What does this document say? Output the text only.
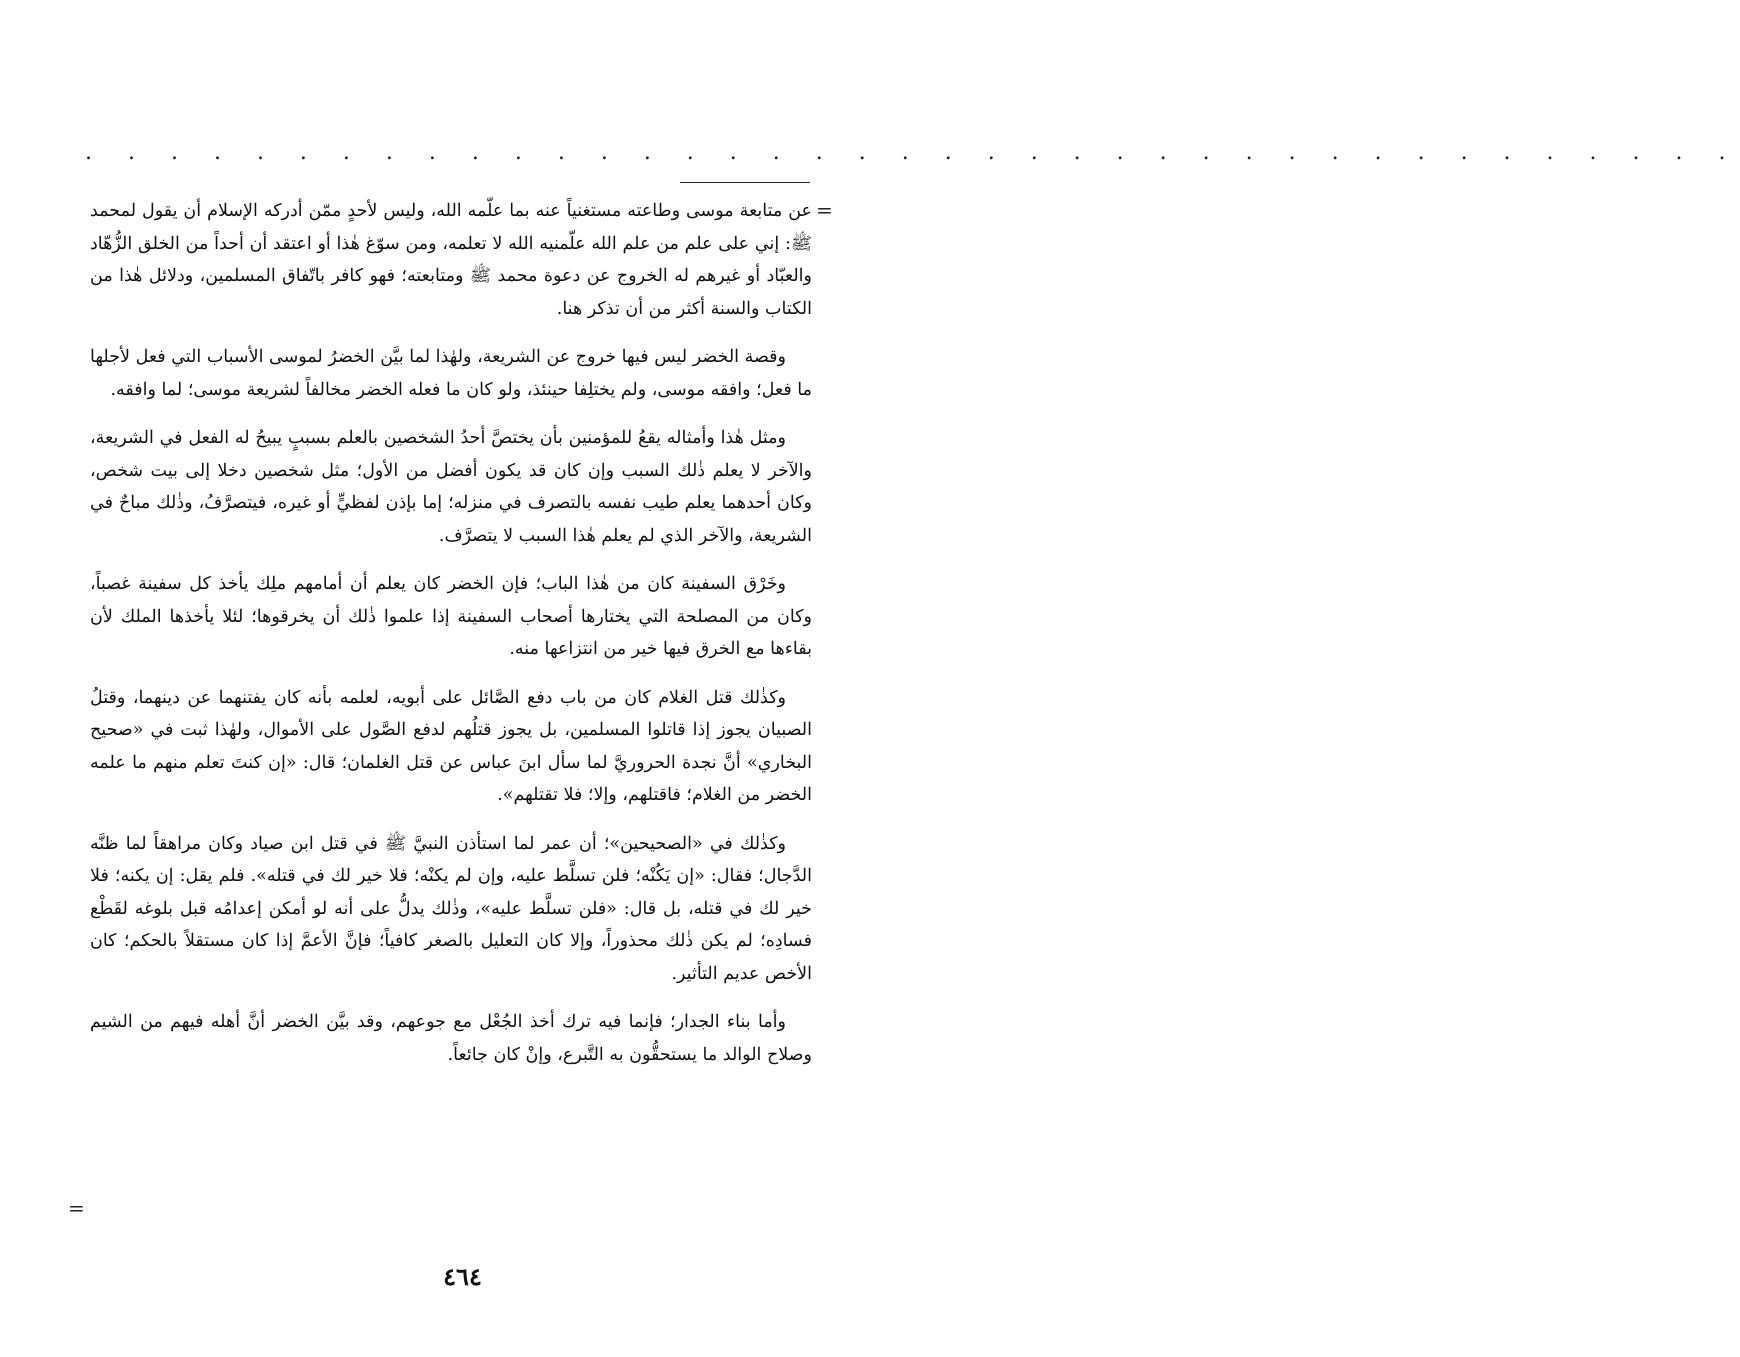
. . . . . . . . . . . . . . . . . . . . . . . . . . . . . . . . . . . . . . .
=

عن متابعة موسى وطاعته مستغنياً عنه بما علّمه الله، وليس لأحدٍ ممّن أدركه الإسلام أن يقول لمحمد ﷺ: إني على علم من علم الله علّمنيه الله لا تعلمه، ومن سوّغ هٰذا أو اعتقد أن أحداً من الخلق الزُّهّاد والعبّاد أو غيرهم له الخروج عن دعوة محمد ﷺ ومتابعته؛ فهو كافر باتّفاق المسلمين، ودلائل هٰذا من الكتاب والسنة أكثر من أن تذكر هنا.

وقصة الخضر ليس فيها خروج عن الشريعة، ولهٰذا لما بيَّن الخضرُ لموسى الأسباب التي فعل لأجلها ما فعل؛ وافقه موسى، ولم يختلِفا حينئذ، ولو كان ما فعله الخضر مخالفاً لشريعة موسى؛ لما وافقه.

ومثل هٰذا وأمثاله يقعُ للمؤمنين بأن يختصَّ أحدُ الشخصين بالعلم بسببٍ يبيحُ له الفعل في الشريعة، والآخر لا يعلم ذٰلك السبب وإن كان قد يكون أفضل من الأول؛ مثل شخصين دخلا إلى بيت شخص، وكان أحدهما يعلم طيب نفسه بالتصرف في منزله؛ إما بإذن لفظيٍّ أو غيره، فيتصرَّفُ، وذٰلك مباحٌ في الشريعة، والآخر الذي لم يعلم هٰذا السبب لا يتصرَّف.

وخَرْق السفينة كان من هٰذا الباب؛ فإن الخضر كان يعلم أن أمامهم ملِك يأخذ كل سفينة غصباً، وكان من المصلحة التي يختارها أصحاب السفينة إذا علموا ذٰلك أن يخرقوها؛ لئلا يأخذها الملك لأن بقاءها مع الخرق فيها خير من انتزاعها منه.

وكذٰلك قتل الغلام كان من باب دفع الصَّائل على أبويه، لعلمه بأنه كان يفتنهما عن دينهما، وقتلُ الصبيان يجوز إذا قاتلوا المسلمين، بل يجوز قتلُهم لدفع الصَّول على الأموال، ولهٰذا ثبت في «صحيح البخاري» أنَّ نجدة الحروريَّ لما سأل ابنَ عباس عن قتل الغلمان؛ قال: «إن كنتَ تعلم منهم ما علمه الخضر من الغلام؛ فاقتلهم، وإلا؛ فلا تقتلهم».

وكذٰلك في «الصحيحين»؛ أن عمر لما استأذن النبيَّ ﷺ في قتل ابن صياد وكان مراهقاً لما ظنَّه الدَّجال؛ فقال: «إن يَكُنْه؛ فلن تسلَّط عليه، وإن لم يكنْه؛ فلا خير لك في قتله». فلم يقل: إن يكنه؛ فلا خير لك في قتله، بل قال: «فلن تسلَّط عليه»، وذٰلك يدلُّ على أنه لو أمكن إعدامُه قبل بلوغه لقَطْع فسادِه؛ لم يكن ذٰلك محذوراً، وإلا كان التعليل بالصغر كافياً؛ فإنَّ الأعمَّ إذا كان مستقلاً بالحكم؛ كان الأخص عديم التأثير.

وأما بناء الجدار؛ فإنما فيه ترك أخذ الجُعْل مع جوعهم، وقد بيَّن الخضر أنَّ أهله فيهم من الشيم وصلاح الوالد ما يستحقُّون به التَّبرع، وإنْ كان جائعاً.

=
٤٦٤
